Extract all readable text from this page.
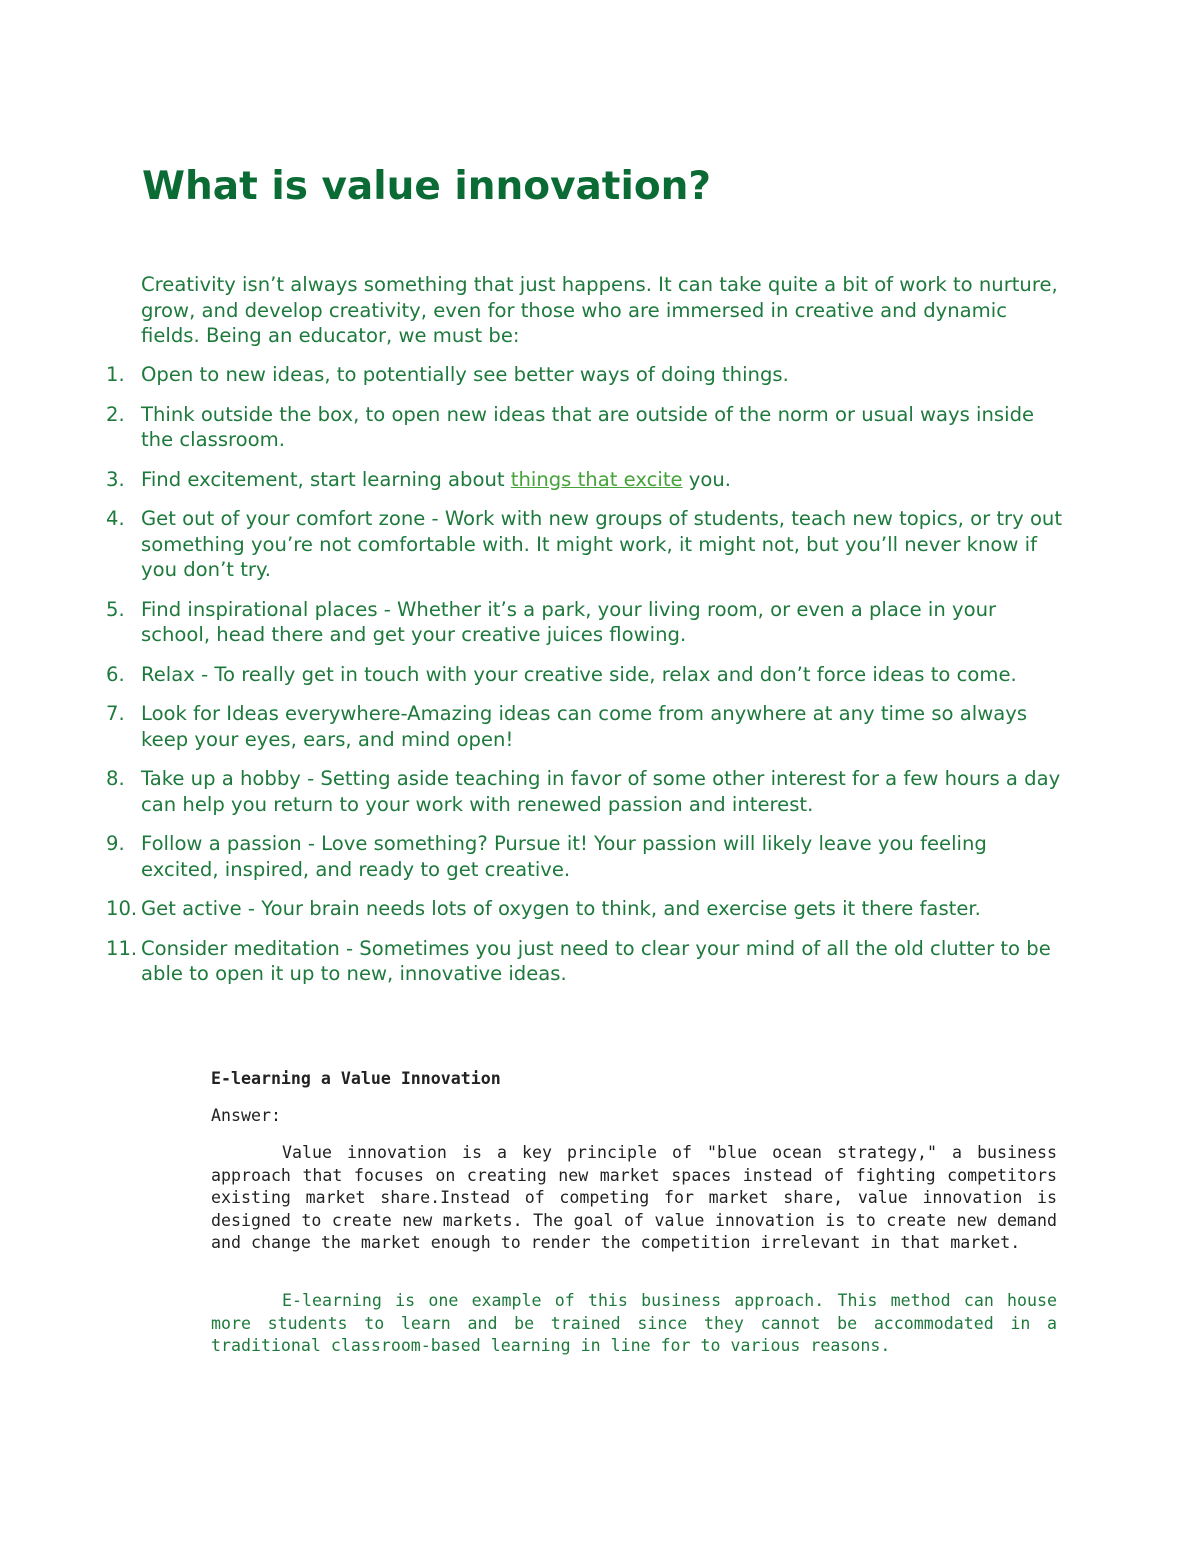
What is value innovation?

Creativity isn’t always something that just happens. It can take quite a bit of work to nurture, grow, and develop creativity, even for those who are immersed in creative and dynamic fields. Being an educator, we must be:

1. Open to new ideas, to potentially see better ways of doing things.
2. Think outside the box, to open new ideas that are outside of the norm or usual ways inside the classroom.
3. Find excitement, start learning about things that excite you.
4. Get out of your comfort zone - Work with new groups of students, teach new topics, or try out something you’re not comfortable with. It might work, it might not, but you’ll never know if you don’t try.
5. Find inspirational places - Whether it’s a park, your living room, or even a place in your school, head there and get your creative juices flowing.
6. Relax - To really get in touch with your creative side, relax and don’t force ideas to come.
7. Look for Ideas everywhere-Amazing ideas can come from anywhere at any time so always keep your eyes, ears, and mind open!
8. Take up a hobby - Setting aside teaching in favor of some other interest for a few hours a day can help you return to your work with renewed passion and interest.
9. Follow a passion - Love something? Pursue it! Your passion will likely leave you feeling excited, inspired, and ready to get creative.
10. Get active - Your brain needs lots of oxygen to think, and exercise gets it there faster.
11. Consider meditation - Sometimes you just need to clear your mind of all the old clutter to be able to open it up to new, innovative ideas.
E-learning a Value Innovation

Answer:

Value innovation is a key principle of "blue ocean strategy," a business approach that focuses on creating new market spaces instead of fighting competitors existing market share.Instead of competing for market share, value innovation is designed to create new markets. The goal of value innovation is to create new demand and change the market enough to render the competition irrelevant in that market.

E-learning is one example of this business approach. This method can house more students to learn and be trained since they cannot be accommodated in a traditional classroom-based learning in line for to various reasons.
